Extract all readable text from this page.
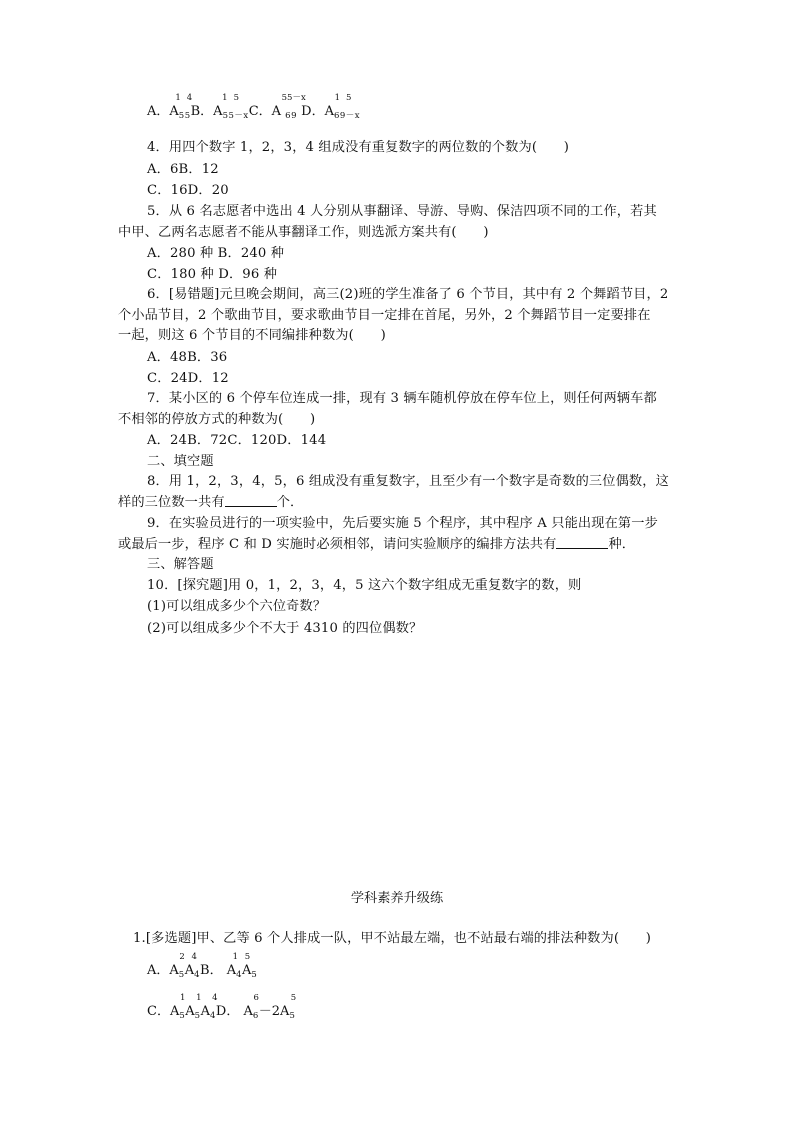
A．
14
$A_{55}B$．
15
$A_{55-x}C$．
55－x
A $_{69}$ D．
15
$A_{69-x}$
4．用四个数字 1，2，3，4 组成没有重复数字的两位数的个数为(　　)
A．6B．12
C．16D．20
5．从 6 名志愿者中选出 4 人分别从事翻译、导游、导购、保洁四项不同的工作，若其
中甲、乙两名志愿者不能从事翻译工作，则选派方案共有(　　)
A．280 种 B．240 种
C．180 种 D．96 种
6．[易错题]元旦晚会期间，高三(2)班的学生准备了 6 个节目，其中有 2 个舞蹈节目，2
个小品节目，2 个歌曲节目，要求歌曲节目一定排在首尾，另外，2 个舞蹈节目一定要排在
一起，则这 6 个节目的不同编排种数为(　　)
A．48B．36
C．24D．12
7．某小区的 6 个停车位连成一排，现有 3 辆车随机停放在停车位上，则任何两辆车都
不相邻的停放方式的种数为(　　)
A．24B．72C．120D．144
二、填空题
8．用 1，2，3，4，5，6 组成没有重复数字，且至少有一个数字是奇数的三位偶数，这
样的三位数一共有	个．
9．在实验员进行的一项实验中，先后要实施 5 个程序，其中程序 A 只能出现在第一步
或最后一步，程序 C 和 D 实施时必须相邻，请问实验顺序的编排方法共有	种．
三、解答题
10．[探究题]用 0，1，2，3，4，5 这六个数字组成无重复数字的数，则
(1)可以组成多少个六位奇数？
(2)可以组成多少个不大于 4310 的四位偶数？
学科素养升级练
1.[多选题]甲、乙等 6 个人排成一队，甲不站最左端，也不站最右端的排法种数为(　　)
A．
2 4
$A_5A_4B$．
1 5
$A_4A_5$
C．
1 1 4
$A_5A_5A_4D$．
6
$A_6$
5
$-2A_5$
